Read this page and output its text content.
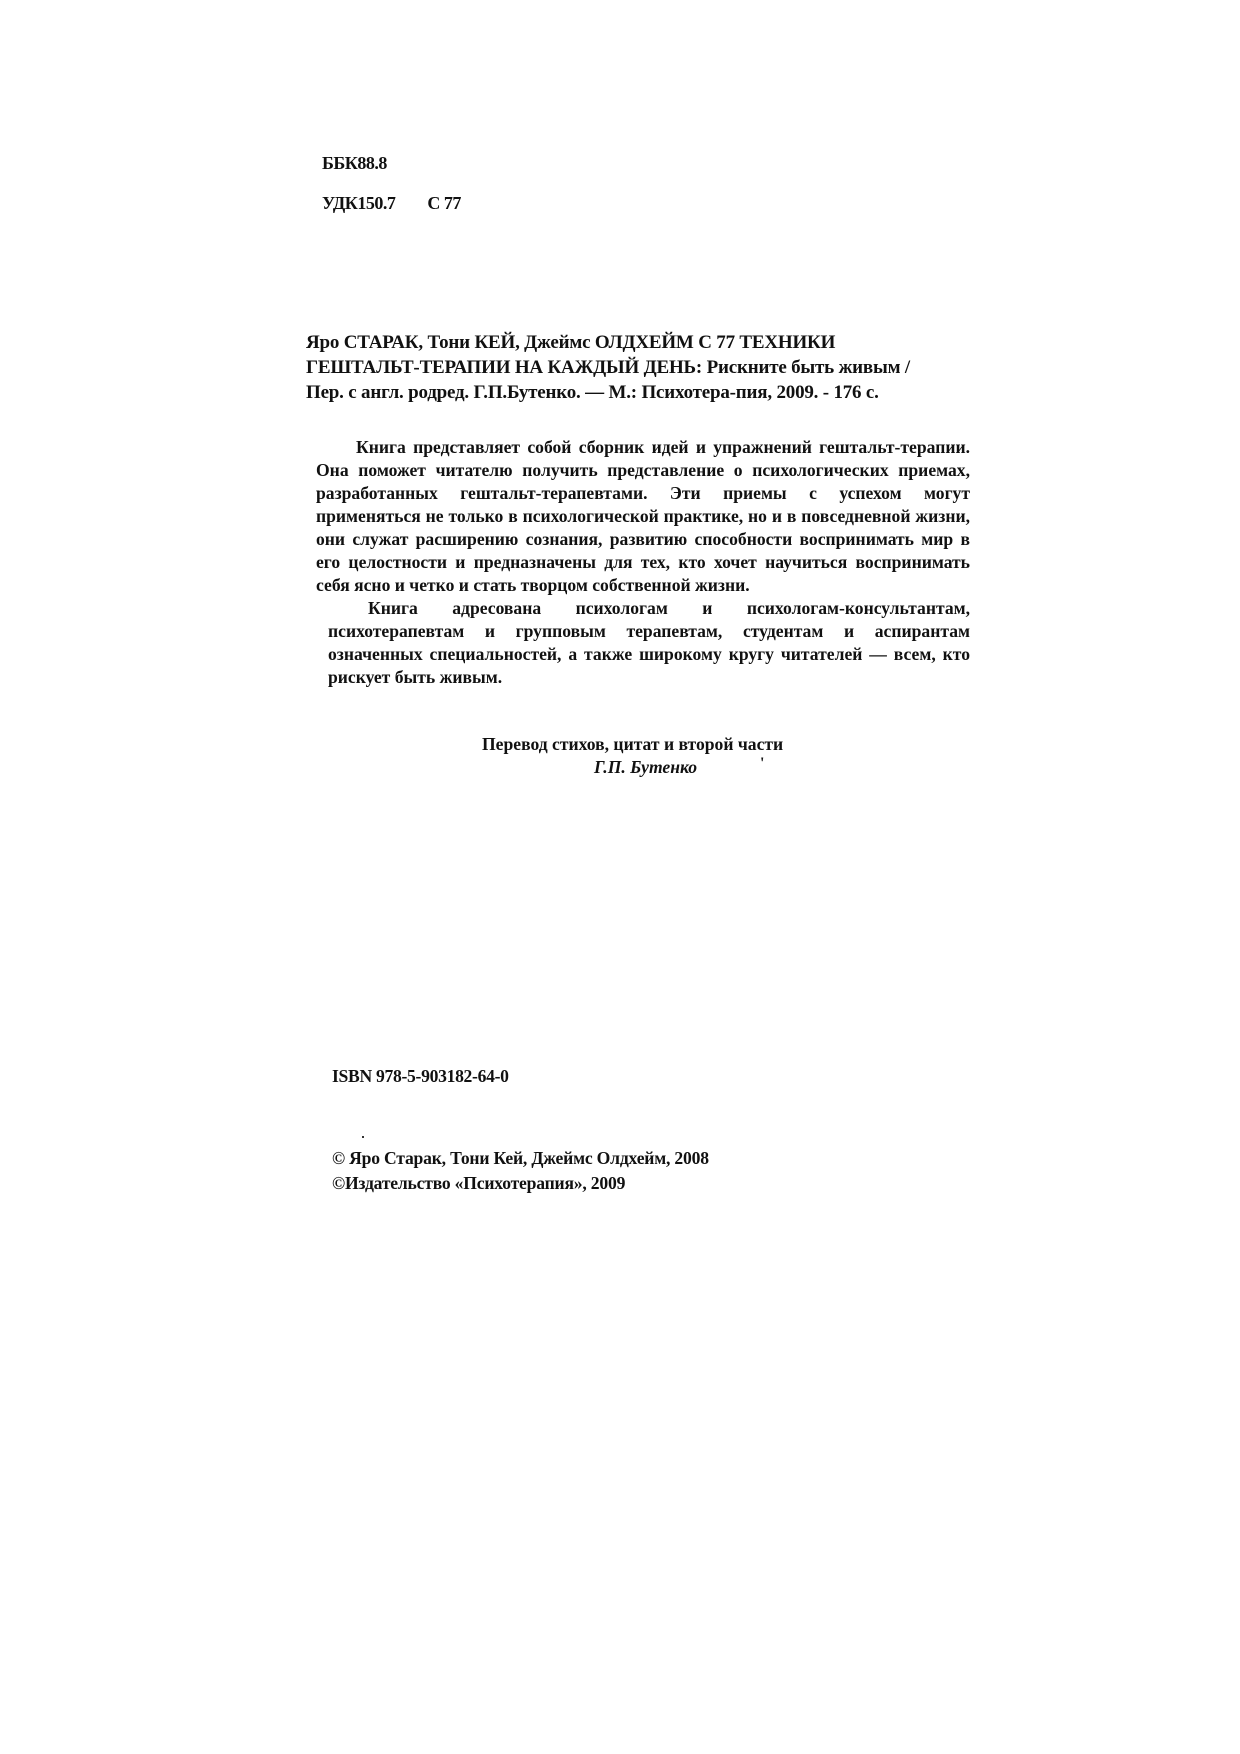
ББК88.8
УДК150.7 С 77
Яро СТАРАК, Тони КЕЙ, Джеймс ОЛДХЕЙМ С 77 ТЕХНИКИ
ГЕШТАЛЬТ-ТЕРАПИИ НА КАЖДЫЙ ДЕНЬ: Рискните быть живым /
Пер. с англ. родред. Г.П.Бутенко. — М.: Психотера-пия, 2009. - 176 с.

Книга представляет собой сборник идей и упражнений гештальт-терапии. Она поможет читателю получить представление о психологических приемах, разработанных гештальт-терапевтами. Эти приемы с успехом могут применяться не только в психологической практике, но и в повседневной жизни, они служат расширению сознания, развитию способности воспринимать мир в его целостности и предназначены для тех, кто хочет научиться воспринимать себя ясно и четко и стать творцом собственной жизни.

Книга адресована психологам и психологам-консультантам, психотерапевтам и групповым терапевтам, студентам и аспирантам означенных специальностей, а также широкому кругу читателей — всем, кто рискует быть живым.

Перевод стихов, цитат и второй части
Г.П. Бутенко	'
ISBN 978-5-903182-64-0
© Яро Старак, Тони Кей, Джеймс Олдхейм, 2008
©Издательство «Психотерапия», 2009
